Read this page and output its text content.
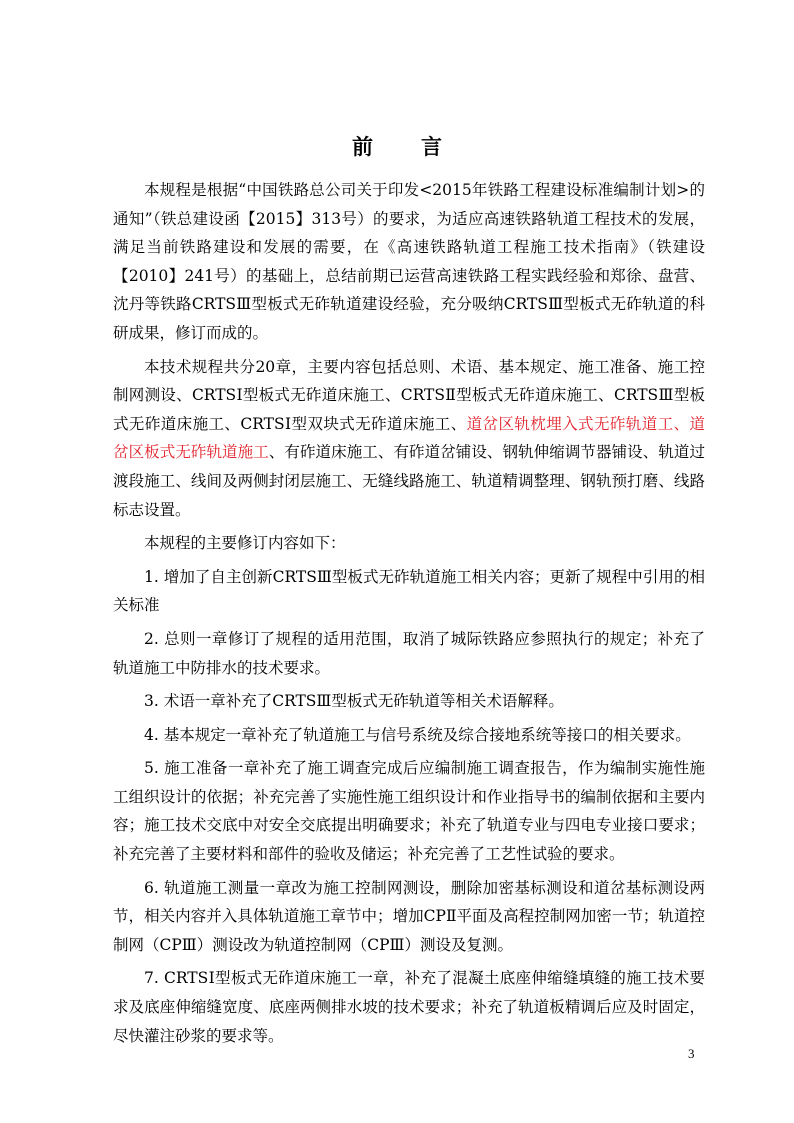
前 言

本规程是根据“中国铁路总公司关于印发<2015年铁路工程建设标准编制计划>的通知”（铁总建设函【2015】313号）的要求，为适应高速铁路轨道工程技术的发展，满足当前铁路建设和发展的需要，在《高速铁路轨道工程施工技术指南》（铁建设【2010】241号）的基础上，总结前期已运营高速铁路工程实践经验和郑徐、盘营、沈丹等铁路CRTSⅢ型板式无砟轨道建设经验，充分吸纳CRTSⅢ型板式无砟轨道的科研成果，修订而成的。

本技术规程共分20章，主要内容包括总则、术语、基本规定、施工准备、施工控制网测设、CRTSⅠ型板式无砟道床施工、CRTSⅡ型板式无砟道床施工、CRTSⅢ型板式无砟道床施工、CRTSⅠ型双块式无砟道床施工、道岔区轨枕埋入式无砟轨道工、道岔区板式无砟轨道施工、有砟道床施工、有砟道岔铺设、钢轨伸缩调节器铺设、轨道过渡段施工、线间及两侧封闭层施工、无缝线路施工、轨道精调整理、钢轨预打磨、线路标志设置。

本规程的主要修订内容如下：

1. 增加了自主创新CRTSⅢ型板式无砟轨道施工相关内容；更新了规程中引用的相关标准

2. 总则一章修订了规程的适用范围，取消了城际铁路应参照执行的规定；补充了轨道施工中防排水的技术要求。

3. 术语一章补充了CRTSⅢ型板式无砟轨道等相关术语解释。

4. 基本规定一章补充了轨道施工与信号系统及综合接地系统等接口的相关要求。

5. 施工准备一章补充了施工调查完成后应编制施工调查报告，作为编制实施性施工组织设计的依据；补充完善了实施性施工组织设计和作业指导书的编制依据和主要内容；施工技术交底中对安全交底提出明确要求；补充了轨道专业与四电专业接口要求；补充完善了主要材料和部件的验收及储运；补充完善了工艺性试验的要求。

6. 轨道施工测量一章改为施工控制网测设，删除加密基标测设和道岔基标测设两节，相关内容并入具体轨道施工章节中；增加CPⅡ平面及高程控制网加密一节；轨道控制网（CPⅢ）测设改为轨道控制网（CPⅢ）测设及复测。

7. CRTSⅠ型板式无砟道床施工一章，补充了混凝土底座伸缩缝填缝的施工技术要求及底座伸缩缝宽度、底座两侧排水坡的技术要求；补充了轨道板精调后应及时固定，尽快灌注砂浆的要求等。

3
